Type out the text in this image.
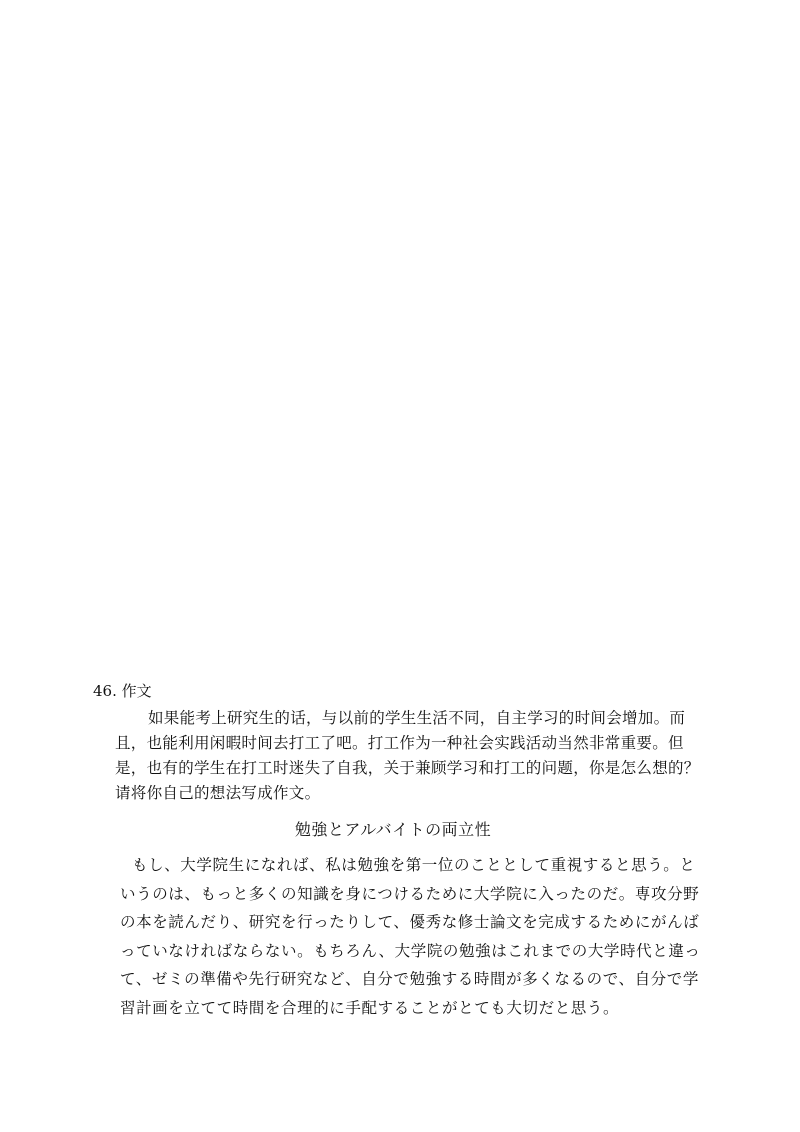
46. 作文

如果能考上研究生的话，与以前的学生生活不同，自主学习的时间会增加。而
且，也能利用闲暇时间去打工了吧。打工作为一种社会实践活动当然非常重要。但
是，也有的学生在打工时迷失了自我，关于兼顾学习和打工的问题，你是怎么想的？
请将你自己的想法写成作文。

勉強とアルバイトの両立性

もし、大学院生になれば、私は勉強を第一位のこととして重視すると思う。と
いうのは、もっと多くの知識を身につけるために大学院に入ったのだ。専攻分野
の本を読んだり、研究を行ったりして、優秀な修士論文を完成するためにがんば
っていなければならない。もちろん、大学院の勉強はこれまでの大学時代と違っ
て、ゼミの準備や先行研究など、自分で勉強する時間が多くなるので、自分で学
習計画を立てて時間を合理的に手配することがとても大切だと思う。
